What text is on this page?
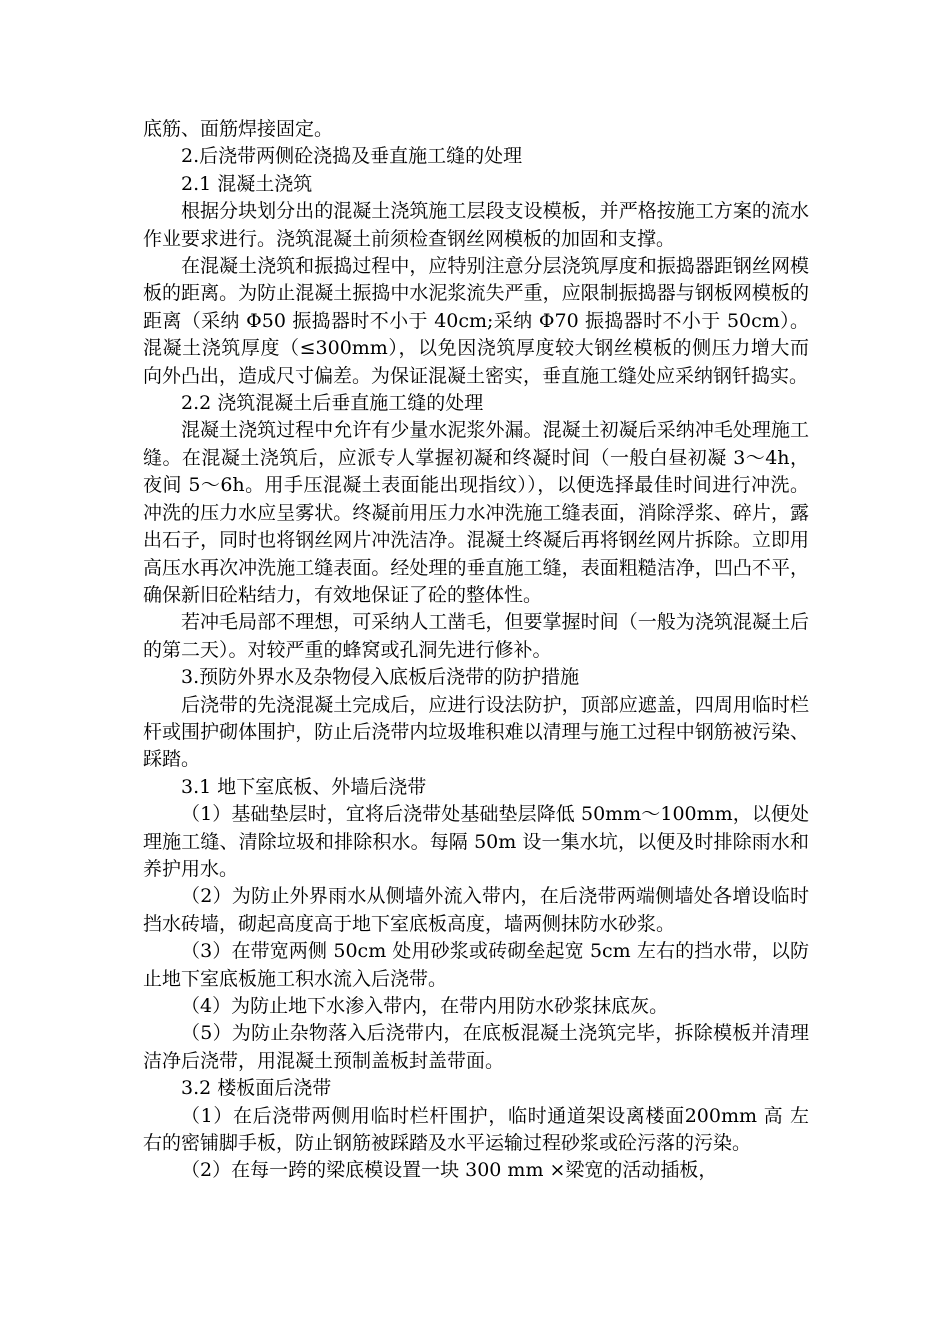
底筋、面筋焊接固定。

2.后浇带两侧砼浇捣及垂直施工缝的处理

2.1 混凝土浇筑

根据分块划分出的混凝土浇筑施工层段支设模板，并严格按施工方案的流水作业要求进行。浇筑混凝土前须检查钢丝网模板的加固和支撑。

在混凝土浇筑和振捣过程中，应特别注意分层浇筑厚度和振捣器距钢丝网模板的距离。为防止混凝土振捣中水泥浆流失严重，应限制振捣器与钢板网模板的距离（采纳 Φ50 振捣器时不小于 40cm;采纳 Φ70 振捣器时不小于 50cm）。混凝土浇筑厚度（≤300mm），以免因浇筑厚度较大钢丝模板的侧压力增大而向外凸出，造成尺寸偏差。为保证混凝土密实，垂直施工缝处应采纳钢钎捣实。

2.2 浇筑混凝土后垂直施工缝的处理

混凝土浇筑过程中允许有少量水泥浆外漏。混凝土初凝后采纳冲毛处理施工缝。在混凝土浇筑后，应派专人掌握初凝和终凝时间（一般白昼初凝 3～4h，夜间 5～6h。用手压混凝土表面能出现指纹）），以便选择最佳时间进行冲洗。冲洗的压力水应呈雾状。终凝前用压力水冲洗施工缝表面，消除浮浆、碎片，露出石子，同时也将钢丝网片冲洗洁净。混凝土终凝后再将钢丝网片拆除。立即用高压水再次冲洗施工缝表面。经处理的垂直施工缝，表面粗糙洁净，凹凸不平，确保新旧砼粘结力，有效地保证了砼的整体性。

若冲毛局部不理想，可采纳人工凿毛，但要掌握时间（一般为浇筑混凝土后的第二天）。对较严重的蜂窝或孔洞先进行修补。

3.预防外界水及杂物侵入底板后浇带的防护措施

后浇带的先浇混凝土完成后，应进行设法防护，顶部应遮盖，四周用临时栏杆或围护砌体围护，防止后浇带内垃圾堆积难以清理与施工过程中钢筋被污染、踩踏。

3.1 地下室底板、外墙后浇带

（1）基础垫层时，宜将后浇带处基础垫层降低 50mm～100mm，以便处理施工缝、清除垃圾和排除积水。每隔 50m 设一集水坑，以便及时排除雨水和养护用水。

（2）为防止外界雨水从侧墙外流入带内，在后浇带两端侧墙处各增设临时挡水砖墙，砌起高度高于地下室底板高度，墙两侧抹防水砂浆。

（3）在带宽两侧 50cm 处用砂浆或砖砌垒起宽 5cm 左右的挡水带，以防止地下室底板施工积水流入后浇带。

（4）为防止地下水渗入带内，在带内用防水砂浆抹底灰。

（5）为防止杂物落入后浇带内，在底板混凝土浇筑完毕，拆除模板并清理洁净后浇带，用混凝土预制盖板封盖带面。

3.2 楼板面后浇带

（1）在后浇带两侧用临时栏杆围护，临时通道架设离楼面200mm 高 左右的密铺脚手板，防止钢筋被踩踏及水平运输过程砂浆或砼污落的污染。

（2）在每一跨的梁底模设置一块 300 mm ×梁宽的活动插板，
